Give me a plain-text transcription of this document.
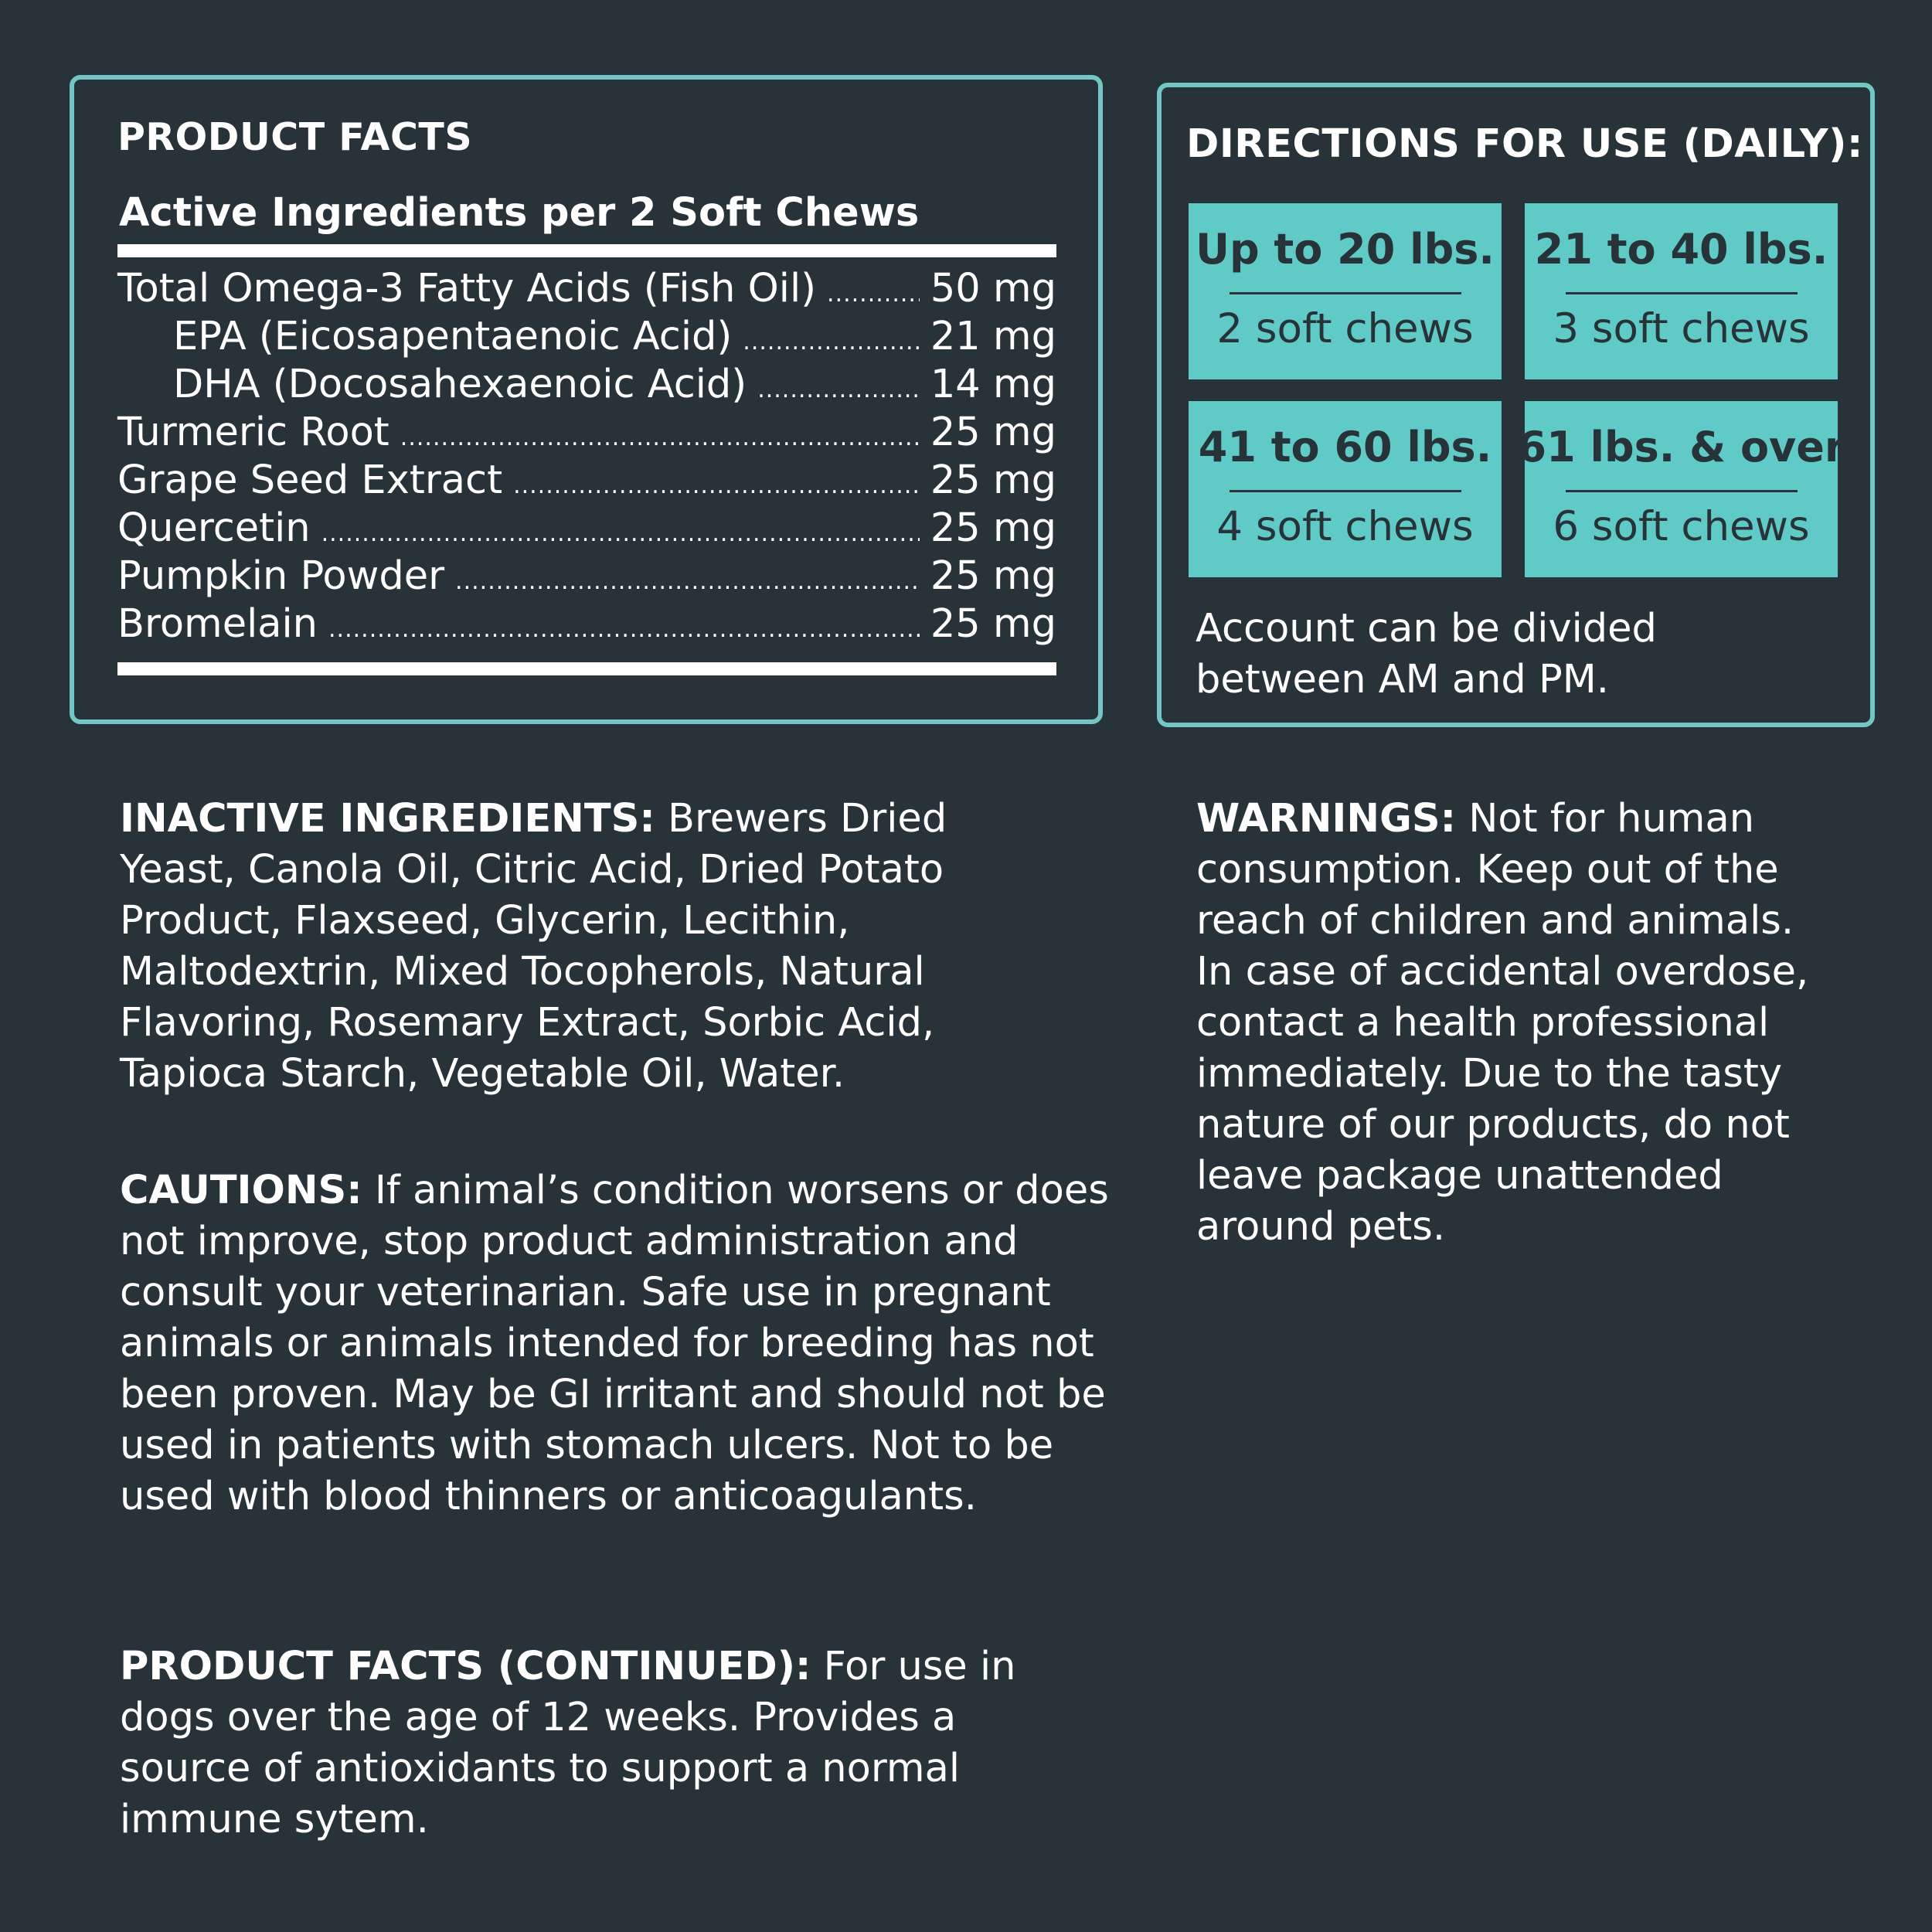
PRODUCT FACTS
Active Ingredients per 2 Soft Chews
Total Omega-3 Fatty Acids (Fish Oil) .....	50 mg
EPA (Eicosapentaenoic Acid) .....	21 mg
DHA (Docosahexaenoic Acid) .....	14 mg
Turmeric Root .....	25 mg
Grape Seed Extract .....	25 mg
Quercetin .....	25 mg
Pumpkin Powder .....	25 mg
Bromelain .....	25 mg
DIRECTIONS FOR USE (DAILY):
Up to 20 lbs.
2 soft chews
21 to 40 lbs.
3 soft chews
41 to 60 lbs.
4 soft chews
61 lbs. & over
6 soft chews

Account can be divided between AM and PM.

INACTIVE INGREDIENTS: Brewers Dried Yeast, Canola Oil, Citric Acid, Dried Potato Product, Flaxseed, Glycerin, Lecithin, Maltodextrin, Mixed Tocopherols, Natural Flavoring, Rosemary Extract, Sorbic Acid, Tapioca Starch, Vegetable Oil, Water.

CAUTIONS: If animal’s condition worsens or does not improve, stop product administration and consult your veterinarian. Safe use in pregnant animals or animals intended for breeding has not been proven. May be GI irritant and should not be used in patients with stomach ulcers. Not to be used with blood thinners or anticoagulants.

PRODUCT FACTS (CONTINUED): For use in dogs over the age of 12 weeks. Provides a source of antioxidants to support a normal immune sytem.

WARNINGS: Not for human consumption. Keep out of the reach of children and animals. In case of accidental overdose, contact a health professional immediately. Due to the tasty nature of our products, do not leave package unattended around pets.
